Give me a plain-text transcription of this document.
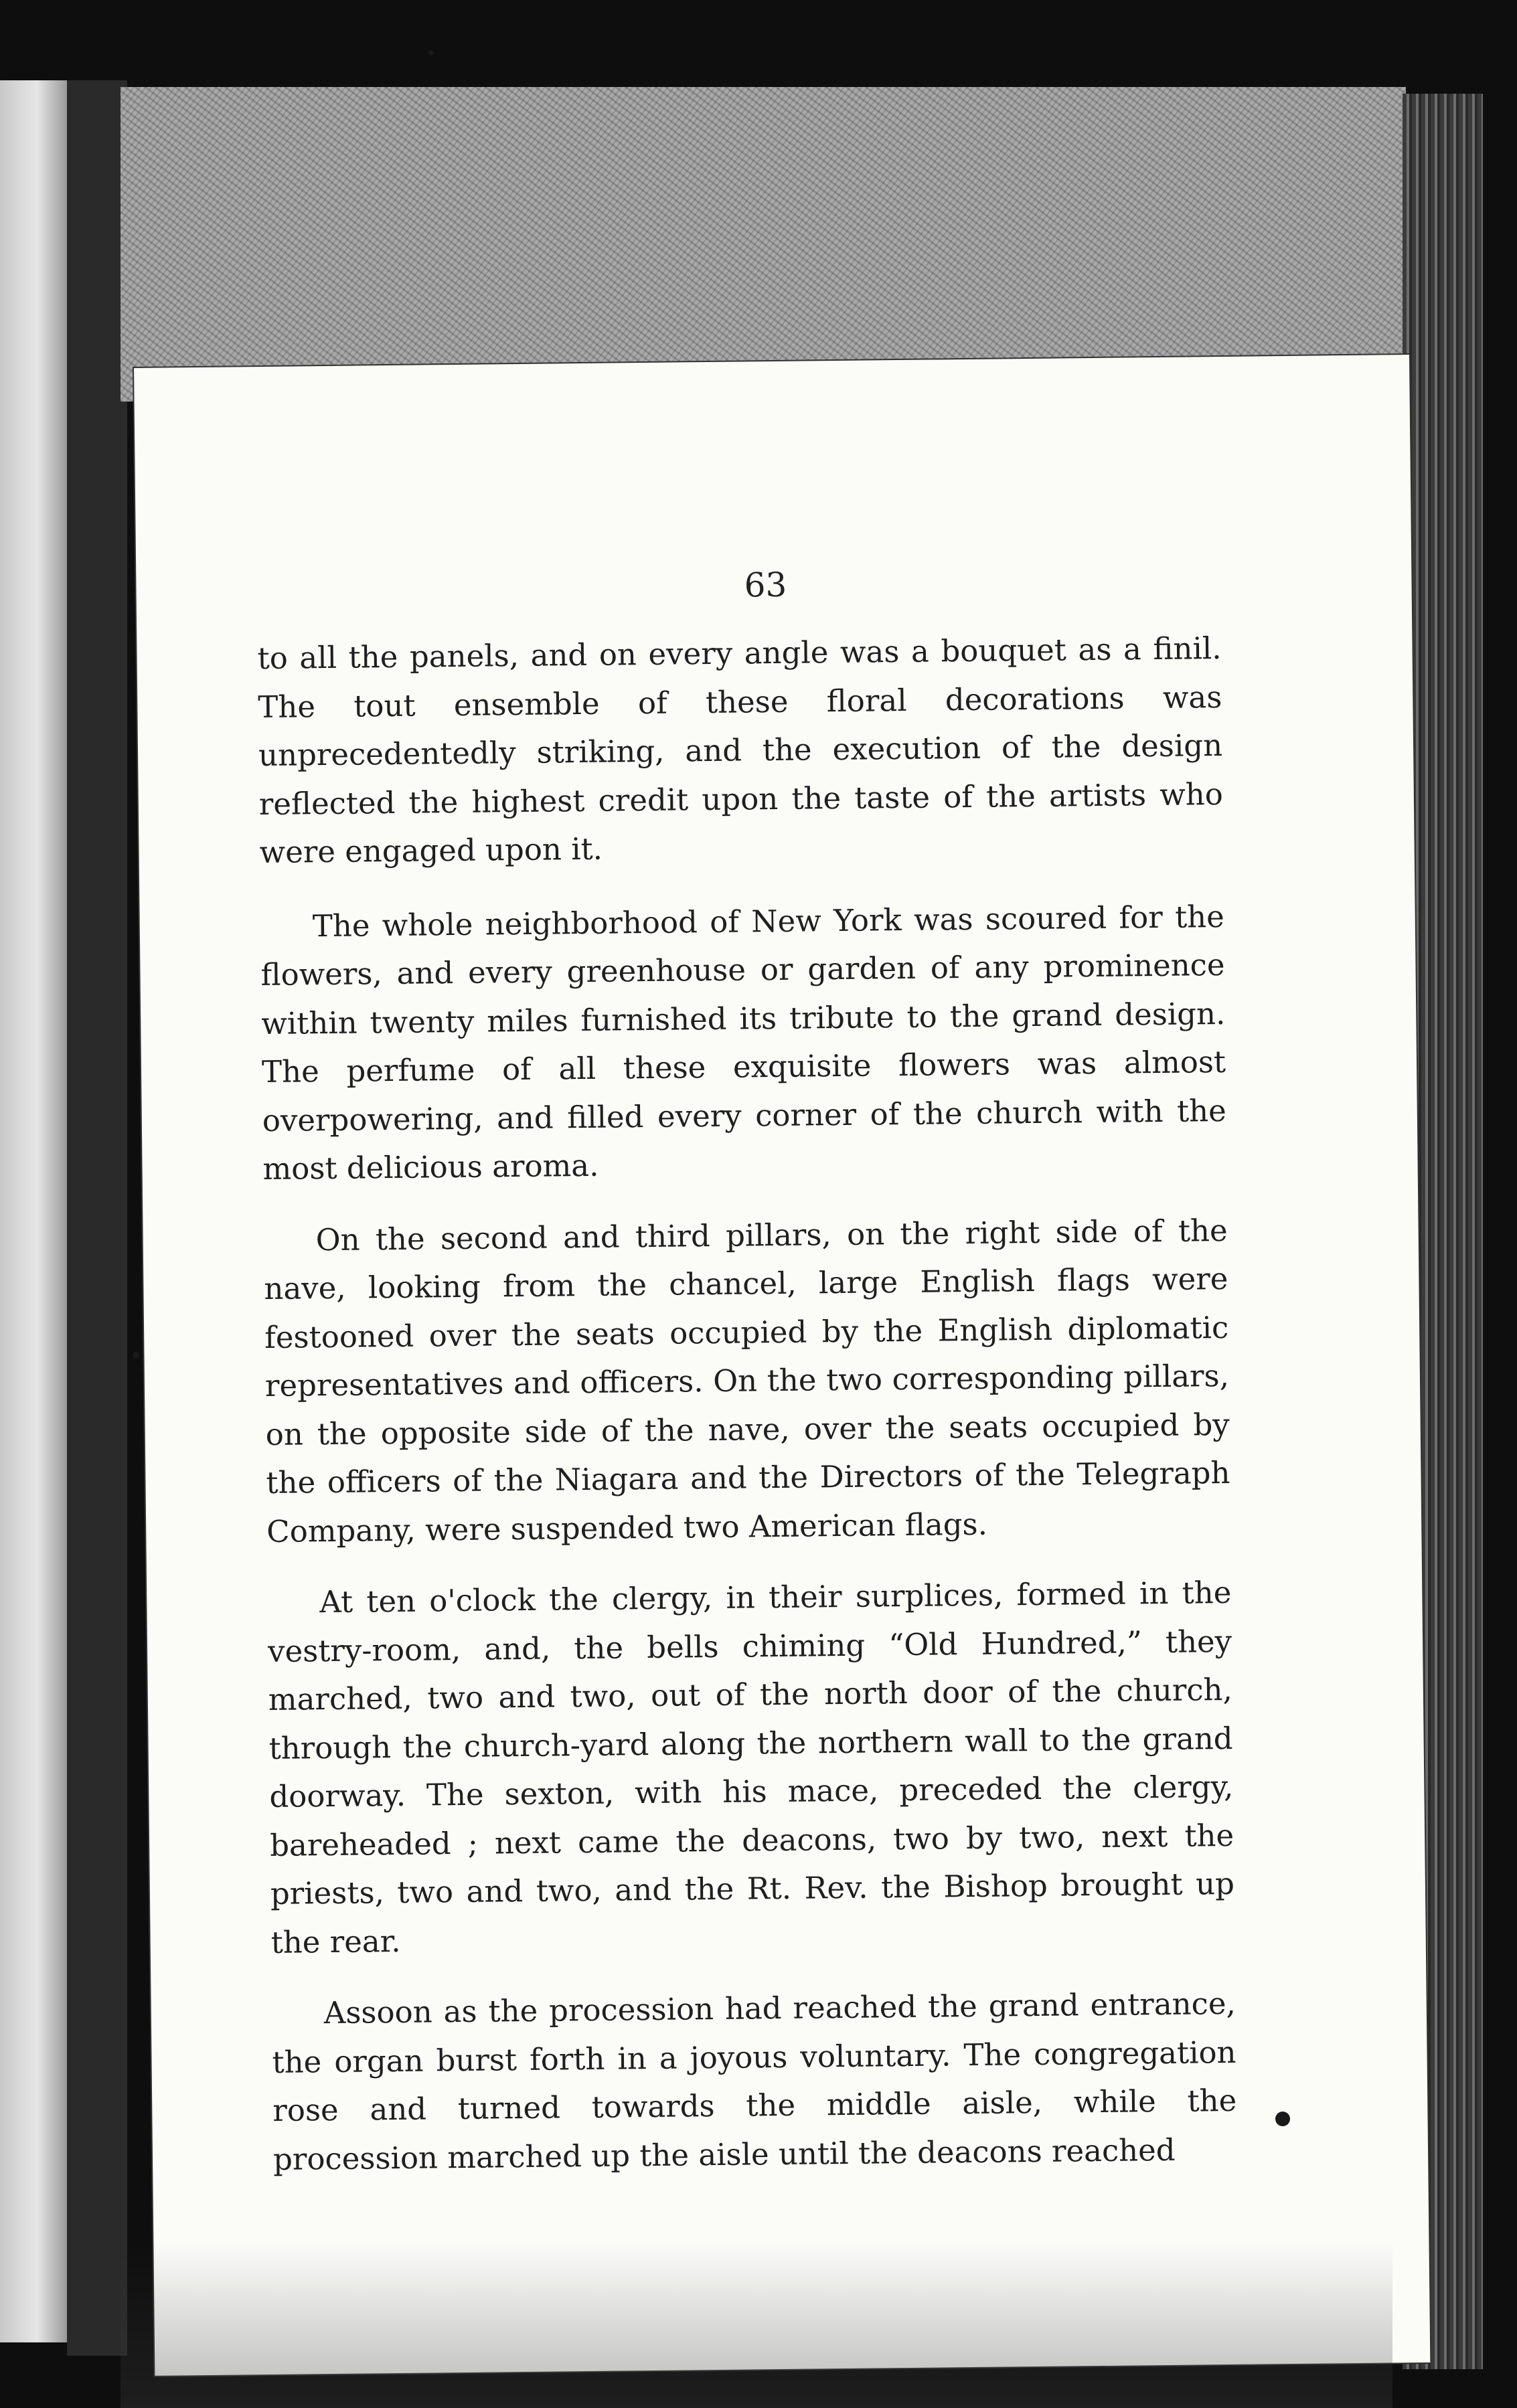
63

to all the panels, and on every angle was a bouquet as a finil. The tout ensemble of these floral decorations was unprecedentedly striking, and the execution of the design reflected the highest credit upon the taste of the artists who were engaged upon it.

The whole neighborhood of New York was scoured for the flowers, and every greenhouse or garden of any prominence within twenty miles furnished its tribute to the grand design. The perfume of all these exquisite flowers was almost overpowering, and filled every corner of the church with the most delicious aroma.

On the second and third pillars, on the right side of the nave, looking from the chancel, large English flags were festooned over the seats occupied by the English diplomatic representatives and officers. On the two corresponding pillars, on the opposite side of the nave, over the seats occupied by the officers of the Niagara and the Directors of the Telegraph Company, were suspended two American flags.

At ten o'clock the clergy, in their surplices, formed in the vestry-room, and, the bells chiming “Old Hundred,” they marched, two and two, out of the north door of the church, through the church-yard along the northern wall to the grand doorway. The sexton, with his mace, preceded the clergy, bareheaded ; next came the deacons, two by two, next the priests, two and two, and the Rt. Rev. the Bishop brought up the rear.

Assoon as the procession had reached the grand entrance, the organ burst forth in a joyous voluntary. The congregation rose and turned towards the middle aisle, while the procession marched up the aisle until the deacons reached
